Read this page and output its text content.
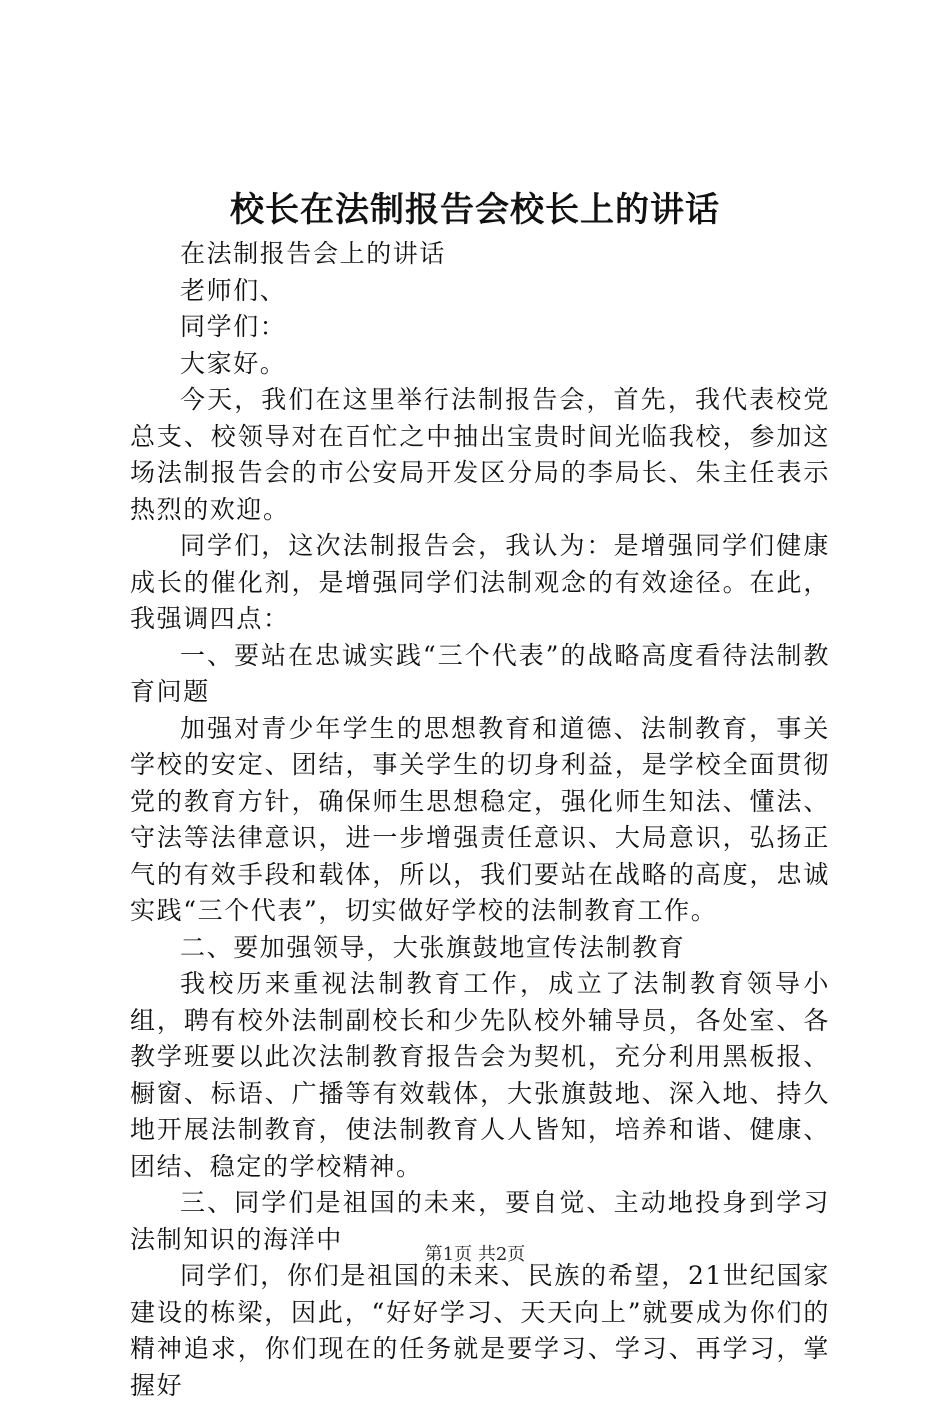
校长在法制报告会校长上的讲话

在法制报告会上的讲话

老师们、

同学们：

大家好。

今天，我们在这里举行法制报告会，首先，我代表校党总支、校领导对在百忙之中抽出宝贵时间光临我校，参加这场法制报告会的市公安局开发区分局的李局长、朱主任表示热烈的欢迎。

同学们，这次法制报告会，我认为：是增强同学们健康成长的催化剂，是增强同学们法制观念的有效途径。在此，我强调四点：

一、要站在忠诚实践“三个代表”的战略高度看待法制教育问题

加强对青少年学生的思想教育和道德、法制教育，事关学校的安定、团结，事关学生的切身利益，是学校全面贯彻党的教育方针，确保师生思想稳定，强化师生知法、懂法、守法等法律意识，进一步增强责任意识、大局意识，弘扬正气的有效手段和载体，所以，我们要站在战略的高度，忠诚实践“三个代表”，切实做好学校的法制教育工作。

二、要加强领导，大张旗鼓地宣传法制教育

我校历来重视法制教育工作，成立了法制教育领导小组，聘有校外法制副校长和少先队校外辅导员，各处室、各教学班要以此次法制教育报告会为契机，充分利用黑板报、橱窗、标语、广播等有效载体，大张旗鼓地、深入地、持久地开展法制教育，使法制教育人人皆知，培养和谐、健康、团结、稳定的学校精神。

三、同学们是祖国的未来，要自觉、主动地投身到学习法制知识的海洋中

同学们，你们是祖国的未来、民族的希望，21世纪国家建设的栋梁，因此，“好好学习、天天向上”就要成为你们的精神追求，你们现在的任务就是要学习、学习、再学习，掌握好

第1页 共2页
